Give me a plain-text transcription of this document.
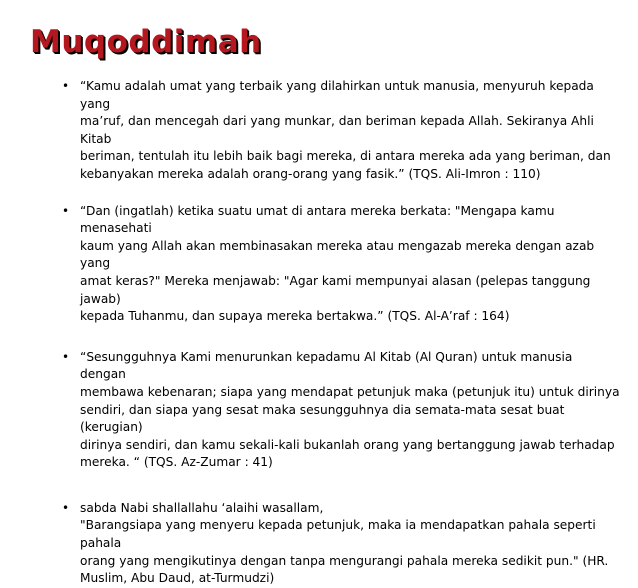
Muqoddimah
• “Kamu adalah umat yang terbaik yang dilahirkan untuk manusia, menyuruh kepada yang
ma’ruf, dan mencegah dari yang munkar, dan beriman kepada Allah. Sekiranya Ahli Kitab
beriman, tentulah itu lebih baik bagi mereka, di antara mereka ada yang beriman, dan
kebanyakan mereka adalah orang-orang yang fasik.” (TQS. Ali-Imron : 110)
• “Dan (ingatlah) ketika suatu umat di antara mereka berkata: "Mengapa kamu menasehati
kaum yang Allah akan membinasakan mereka atau mengazab mereka dengan azab yang
amat keras?" Mereka menjawab: "Agar kami mempunyai alasan (pelepas tanggung jawab)
kepada Tuhanmu, dan supaya mereka bertakwa.” (TQS. Al-A’raf : 164)
• “Sesungguhnya Kami menurunkan kepadamu Al Kitab (Al Quran) untuk manusia dengan
membawa kebenaran; siapa yang mendapat petunjuk maka (petunjuk itu) untuk dirinya
sendiri, dan siapa yang sesat maka sesungguhnya dia semata-mata sesat buat (kerugian)
dirinya sendiri, dan kamu sekali-kali bukanlah orang yang bertanggung jawab terhadap
mereka. “ (TQS. Az-Zumar : 41)
• sabda Nabi shallallahu ‘alaihi wasallam,
"Barangsiapa yang menyeru kepada petunjuk, maka ia mendapatkan pahala seperti pahala
orang yang mengikutinya dengan tanpa mengurangi pahala mereka sedikit pun." (HR.
Muslim, Abu Daud, at-Turmudzi)
